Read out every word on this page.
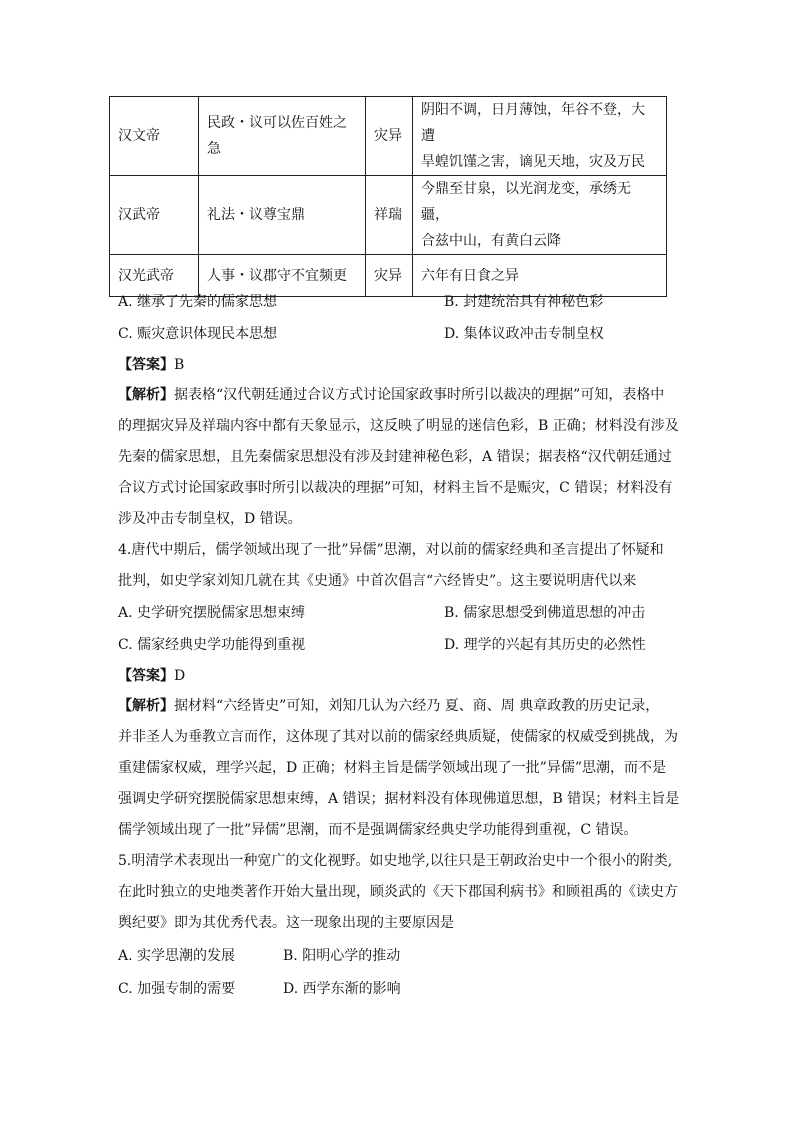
汉文帝	民政・议可以佐百姓之急	灾异	阴阳不调，日月薄蚀，年谷不登，大遭
旱蝗饥馑之害，谪见天地，灾及万民

汉武帝	礼法・议尊宝鼎	祥瑞	今鼎至甘泉，以光润龙变，承绣无疆，
合兹中山，有黄白云降

汉光武帝	人事・议郡守不宜频更	灾异	六年有日食之异
A. 继承了先秦的儒家思想	B. 封建统治具有神秘色彩
C. 赈灾意识体现民本思想	D. 集体议政冲击专制皇权
【答案】B
【解析】据表格“汉代朝廷通过合议方式讨论国家政事时所引以裁决的理据”可知，表格中
的理据灾异及祥瑞内容中都有天象显示，这反映了明显的迷信色彩，B 正确；材料没有涉及
先秦的儒家思想，且先秦儒家思想没有涉及封建神秘色彩，A 错误；据表格“汉代朝廷通过
合议方式讨论国家政事时所引以裁决的理据”可知，材料主旨不是赈灾，C 错误；材料没有
涉及冲击专制皇权，D 错误。
4.唐代中期后，儒学领域出现了一批”异儒”思潮，对以前的儒家经典和圣言提出了怀疑和
批判，如史学家刘知几就在其《史通》中首次倡言“六经皆史”。这主要说明唐代以来
A. 史学研究摆脱儒家思想束缚	B. 儒家思想受到佛道思想的冲击
C. 儒家经典史学功能得到重视	D. 理学的兴起有其历史的必然性
【答案】D
【解析】据材料“六经皆史”可知，刘知几认为六经乃 夏、商、周 典章政教的历史记录，
并非圣人为垂教立言而作，这体现了其对以前的儒家经典质疑，使儒家的权威受到挑战，为
重建儒家权威，理学兴起，D 正确；材料主旨是儒学领域出现了一批”异儒”思潮，而不是
强调史学研究摆脱儒家思想束缚，A 错误；据材料没有体现佛道思想，B 错误；材料主旨是
儒学领域出现了一批”异儒”思潮，而不是强调儒家经典史学功能得到重视，C 错误。
5.明清学术表现出一种宽广的文化视野。如史地学,以往只是王朝政治史中一个很小的附类,
在此时独立的史地类著作开始大量出现，顾炎武的《天下郡国利病书》和顾祖禹的《读史方
舆纪要》即为其优秀代表。这一现象出现的主要原因是
A. 实学思潮的发展	B. 阳明心学的推动
C. 加强专制的需要	D. 西学东渐的影响
